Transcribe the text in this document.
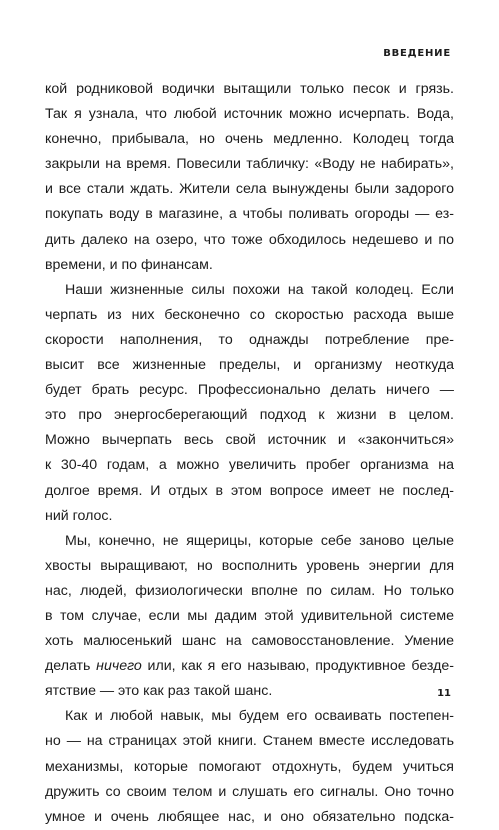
ВВЕДЕНИЕ
кой родниковой водички вытащили только песок и грязь.
Так я узнала, что любой источник можно исчерпать. Вода,
конечно, прибывала, но очень медленно. Колодец тогда
закрыли на время. Повесили табличку: «Воду не набирать»,
и все стали ждать. Жители села вынуждены были задорого
покупать воду в магазине, а чтобы поливать огороды — ез-
дить далеко на озеро, что тоже обходилось недешево и по
времени, и по финансам.
Наши жизненные силы похожи на такой колодец. Если
черпать из них бесконечно со скоростью расхода выше
скорости наполнения, то однажды потребление пре-
высит все жизненные пределы, и организму неоткуда
будет брать ресурс. Профессионально делать ничего —
это про энергосберегающий подход к жизни в целом.
Можно вычерпать весь свой источник и «закончиться»
к 30-40 годам, а можно увеличить пробег организма на
долгое время. И отдых в этом вопросе имеет не послед-
ний голос.
Мы, конечно, не ящерицы, которые себе заново целые
хвосты выращивают, но восполнить уровень энергии для
нас, людей, физиологически вполне по силам. Но только
в том случае, если мы дадим этой удивительной системе
хоть малюсенький шанс на самовосстановление. Умение
делать ничего или, как я его называю, продуктивное безде-
ятствие — это как раз такой шанс.
Как и любой навык, мы будем его осваивать постепен-
но — на страницах этой книги. Станем вместе исследовать
механизмы, которые помогают отдохнуть, будем учиться
дружить со своим телом и слушать его сигналы. Оно точно
умное и очень любящее нас, и оно обязательно подска-
11
